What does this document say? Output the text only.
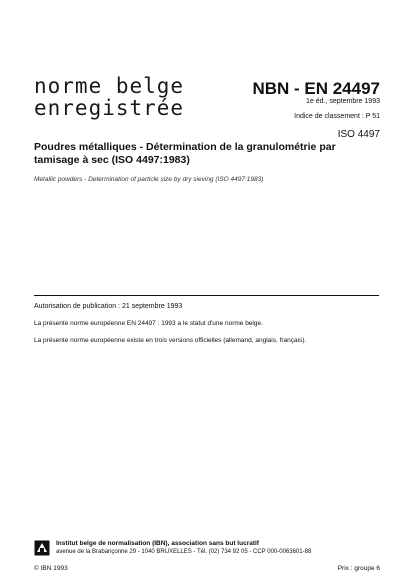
norme belge
enregistrée
NBN - EN 24497
1e éd., septembre 1993
Indice de classement : P 51
ISO 4497
Poudres métalliques - Détermination de la granulométrie par tamisage à sec (ISO 4497:1983)
Metallic powders - Determination of particle size by dry sieving (ISO 4497:1983)
Autorisation de publication : 21 septembre 1993
La présente norme européenne EN 24497 : 1993 a le statut d'une norme belge.
La présente norme européenne existe en trois versions officielles (allemand, anglais, français).
Institut belge de normalisation (IBN), association sans but lucratif
avenue de la Brabançonne 29 - 1040 BRUXELLES - Tél. (02) 734 92 05 - CCP 000-0063601-88
© IBN 1993	Prix : groupe 6
